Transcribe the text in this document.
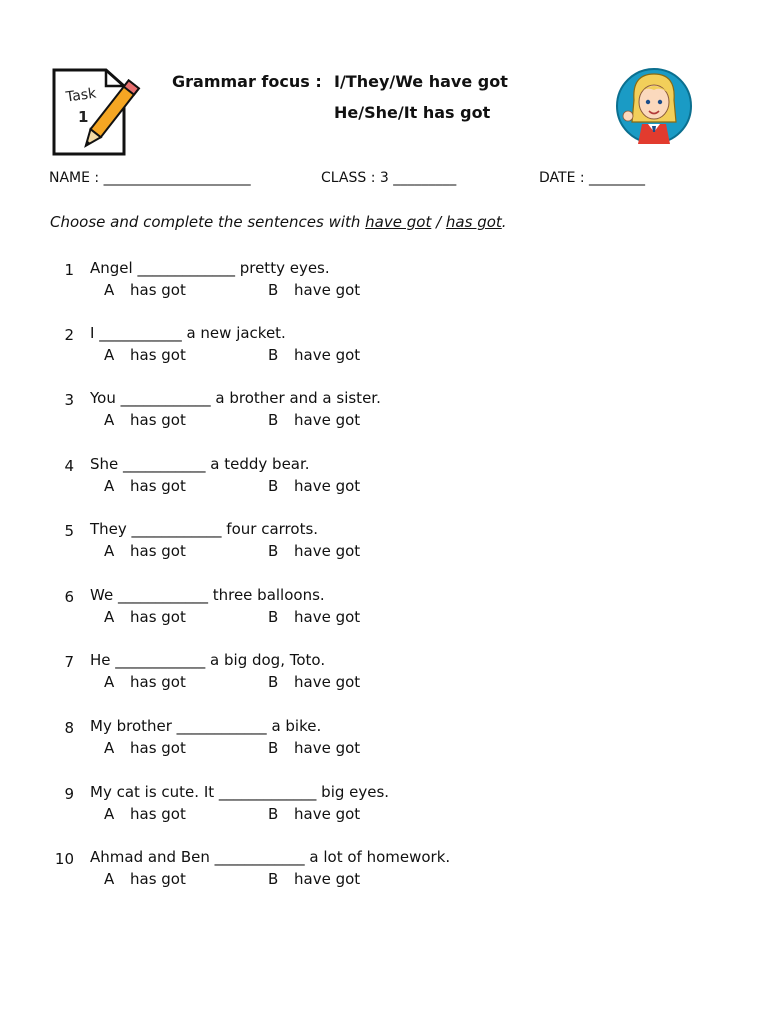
Task
1
Grammar focus : I/They/We have got
He/She/It has got
NAME : _____________________	CLASS : 3 _________	DATE : ________
Choose and complete the sentences with have got / has got.
1 Angel _____________ pretty eyes.
A has got	B have got
2 I ___________ a new jacket.
A has got	B have got
3 You ____________ a brother and a sister.
A has got	B have got
4 She ___________ a teddy bear.
A has got	B have got
5 They ____________ four carrots.
A has got	B have got
6 We ____________ three balloons.
A has got	B have got
7 He ____________ a big dog, Toto.
A has got	B have got
8 My brother ____________ a bike.
A has got	B have got
9 My cat is cute. It _____________ big eyes.
A has got	B have got
10 Ahmad and Ben ____________ a lot of homework.
A has got	B have got
